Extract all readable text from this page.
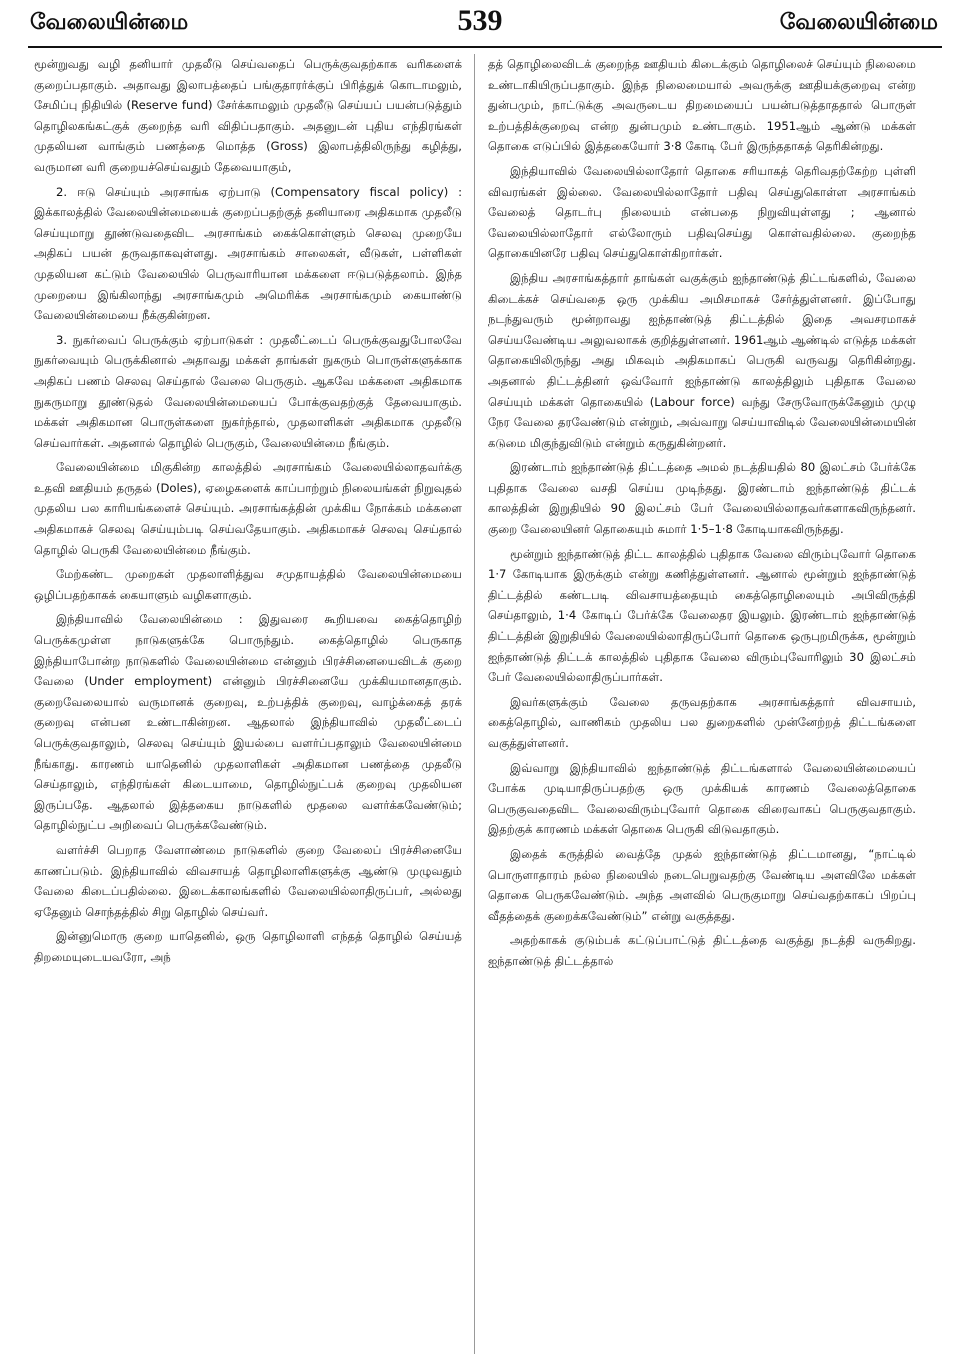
வேலையின்மை	539	வேலையின்மை

மூன்றுவது வழி தனியார் முதலீடு செய்வதைப் பெருக்குவதற்காக வரிகளைக் குறைப்பதாகும். அதாவது இலாபத்தைப் பங்குதாரர்க்குப் பிரித்துக் கொடாமலும், சேமிப்பு நிதியில் (Reserve fund) சேர்க்காமலும் முதலீடு செய்யப் பயன்படுத்தும் தொழிலகங்கட்குக் குறைந்த வரி விதிப்பதாகும். அதனுடன் புதிய எந்திரங்கள் முதலியன வாங்கும் பணத்தை மொத்த (Gross) இலாபத்திலிருந்து கழித்து, வருமான வரி குறையச்செய்வதும் தேவையாகும்,

2. ஈடு செய்யும் அரசாங்க ஏற்பாடு (Compensatory fiscal policy) : இக்காலத்தில் வேலையின்மையைக் குறைப்பதற்குத் தனியாரை அதிகமாக முதலீடு செய்யுமாறு தூண்டுவதைவிட அரசாங்கம் கைக்கொள்ளும் செலவு முறையே அதிகப் பயன் தருவதாகவுள்ளது. அரசாங்கம் சாலைகள், வீடுகள், பள்ளிகள் முதலியன கட்டும் வேலையில் பெருவாரியான மக்களை ஈடுபடுத்தலாம். இந்த முறையை இங்கிலாந்து அரசாங்கமும் அமெரிக்க அரசாங்கமும் கையாண்டு வேலையின்மையை நீக்குகின்றன.

3. நுகர்வைப் பெருக்கும் ஏற்பாடுகள் : முதலீட்டைப் பெருக்குவதுபோலவே நுகர்வையும் பெருக்கினால் அதாவது மக்கள் தாங்கள் நுகரும் பொருள்களுக்காக அதிகப் பணம் செலவு செய்தால் வேலை பெருகும். ஆகவே மக்களை அதிகமாக நுகருமாறு தூண்டுதல் வேலையின்மையைப் போக்குவதற்குத் தேவையாகும். மக்கள் அதிகமான பொருள்களை நுகர்ந்தால், முதலாளிகள் அதிகமாக முதலீடு செய்வார்கள். அதனால் தொழில் பெருகும், வேலையின்மை நீங்கும்.

வேலையின்மை மிகுகின்ற காலத்தில் அரசாங்கம் வேலையில்லாதவர்க்கு உதவி ஊதியம் தருதல் (Doles), ஏழைகளைக் காப்பாற்றும் நிலையங்கள் நிறுவுதல் முதலிய பல காரியங்களைச் செய்யும். அரசாங்கத்தின் முக்கிய நோக்கம் மக்களை அதிகமாகச் செலவு செய்யும்படி செய்வதேயாகும். அதிகமாகச் செலவு செய்தால் தொழில் பெருகி வேலையின்மை நீங்கும்.

மேற்கண்ட முறைகள் முதலாளித்துவ சமுதாயத்தில் வேலையின்மையை ஒழிப்பதற்காகக் கையாளும் வழிகளாகும்.

இந்தியாவில் வேலையின்மை : இதுவரை கூறியவை கைத்தொழிற் பெருக்கமுள்ள நாடுகளுக்கே பொருந்தும். கைத்தொழில் பெருகாத இந்தியாபோன்ற நாடுகளில் வேலையின்மை என்னும் பிரச்சினையைவிடக் குறை வேலை (Under employment) என்னும் பிரச்சினையே முக்கியமானதாகும். குறைவேலையால் வருமானக் குறைவு, உற்பத்திக் குறைவு, வாழ்க்கைத் தரக் குறைவு என்பன உண்டாகின்றன. ஆதலால் இந்தியாவில் முதலீட்டைப் பெருக்குவதாலும், செலவு செய்யும் இயல்பை வளர்ப்பதாலும் வேலையின்மை நீங்காது. காரணம் யாதெனில் முதலாளிகள் அதிகமான பணத்தை முதலீடு செய்தாலும், எந்திரங்கள் கிடையாமை, தொழில்நுட்பக் குறைவு முதலியன இருப்பதே. ஆதலால் இத்தகைய நாடுகளில் மூதலை வளர்க்கவேண்டும்; தொழில்நுட்ப அறிவைப் பெருக்கவேண்டும்.

வளர்ச்சி பெறாத வேளாண்மை நாடுகளில் குறை வேலைப் பிரச்சினையே காணப்படும். இந்தியாவில் விவசாயத் தொழிலாளிகளுக்கு ஆண்டு முழுவதும் வேலை கிடைப்பதில்லை. இடைக்காலங்களில் வேலையில்லாதிருப்பர், அல்லது ஏதேனும் சொந்தத்தில் சிறு தொழில் செய்வர்.

இன்னுமொரு குறை யாதெனில், ஒரு தொழிலாளி எந்தத் தொழில் செய்யத் திறமையுடையவரோ, அந்

தத் தொழிலைவிடக் குறைந்த ஊதியம் கிடைக்கும் தொழிலைச் செய்யும் நிலைமை உண்டாகியிருப்பதாகும். இந்த நிலைமையால் அவருக்கு ஊதியக்குறைவு என்ற துன்பமும், நாட்டுக்கு அவருடைய திறமையைப் பயன்படுத்தாததால் பொருள் உற்பத்திக்குறைவு என்ற துன்பமும் உண்டாகும். 1951ஆம் ஆண்டு மக்கள் தொகை எடுப்பில் இத்தகையோர் 3·8 கோடி பேர் இருந்ததாகத் தெரிகின்றது.

இந்தியாவில் வேலையில்லாதோர் தொகை சரியாகத் தெரிவதற்கேற்ற புள்ளி விவரங்கள் இல்லை. வேலையில்லாதோர் பதிவு செய்துகொள்ள அரசாங்கம் வேலைத் தொடர்பு நிலையம் என்பதை நிறுவியுள்ளது ; ஆனால் வேலையில்லாதோர் எல்லோரும் பதிவுசெய்து கொள்வதில்லை. குறைந்த தொகையினரே பதிவு செய்துகொள்கிறார்கள்.

இந்திய அரசாங்கத்தார் தாங்கள் வகுக்கும் ஐந்தாண்டுத் திட்டங்களில், வேலை கிடைக்கச் செய்வதை ஒரு முக்கிய அமிசமாகச் சேர்த்துள்ளனர். இப்போது நடந்துவரும் மூன்றாவது ஐந்தாண்டுத் திட்டத்தில் இதை அவசரமாகச் செய்யவேண்டிய அலுவலாகக் குறித்துள்ளனர். 1961ஆம் ஆண்டில் எடுத்த மக்கள் தொகையிலிருந்து அது மிகவும் அதிகமாகப் பெருகி வருவது தெரிகின்றது. அதனால் திட்டத்தினர் ஒவ்வோர் ஐந்தாண்டு காலத்திலும் புதிதாக வேலை செய்யும் மக்கள் தொகையில் (Labour force) வந்து சேருவோருக்கேனும் முழு நேர வேலை தரவேண்டும் என்றும், அவ்வாறு செய்யாவிடில் வேலையின்மையின் கடுமை மிகுந்துவிடும் என்றும் கருதுகின்றனர்.

இரண்டாம் ஐந்தாண்டுத் திட்டத்தை அமல் நடத்தியதில் 80 இலட்சம் பேர்க்கே புதிதாக வேலை வசதி செய்ய முடிந்தது. இரண்டாம் ஐந்தாண்டுத் திட்டக் காலத்தின் இறுதியில் 90 இலட்சம் பேர் வேலையில்லாதவர்களாகவிருந்தனர். குறை வேலையினர் தொகையும் சுமார் 1·5–1·8 கோடியாகவிருந்தது.

மூன்றும் ஐந்தாண்டுத் திட்ட காலத்தில் புதிதாக வேலை விரும்புவோர் தொகை 1·7 கோடியாக இருக்கும் என்று கணித்துள்ளனர். ஆனால் மூன்றும் ஐந்தாண்டுத் திட்டத்தில் கண்டபடி விவசாயத்தையும் கைத்தொழிலையும் அபிவிருத்தி செய்தாலும், 1·4 கோடிப் பேர்க்கே வேலைதர இயலும். இரண்டாம் ஐந்தாண்டுத் திட்டத்தின் இறுதியில் வேலையில்லாதிருப்போர் தொகை ஒருபுறமிருக்க, மூன்றும் ஐந்தாண்டுத் திட்டக் காலத்தில் புதிதாக வேலை விரும்புவோரிலும் 30 இலட்சம் பேர் வேலையில்லாதிருப்பார்கள்.

இவர்களுக்கும் வேலை தருவதற்காக அரசாங்கத்தார் விவசாயம், கைத்தொழில், வாணிகம் முதலிய பல துறைகளில் முன்னேற்றத் திட்டங்களை வகுத்துள்ளனர்.

இவ்வாறு இந்தியாவில் ஐந்தாண்டுத் திட்டங்களால் வேலையின்மையைப் போக்க முடியாதிருப்பதற்கு ஒரு முக்கியக் காரணம் வேலைத்தொகை பெருகுவதைவிட வேலைவிரும்புவோர் தொகை விரைவாகப் பெருகுவதாகும். இதற்குக் காரணம் மக்கள் தொகை பெருகி விடுவதாகும்.

இதைக் கருத்தில் வைத்தே முதல் ஐந்தாண்டுத் திட்டமானது, “நாட்டில் பொருளாதாரம் நல்ல நிலையில் நடைபெறுவதற்கு வேண்டிய அளவிலே மக்கள் தொகை பெருகவேண்டும். அந்த அளவில் பெருகுமாறு செய்வதற்காகப் பிறப்பு வீதத்தைக் குறைக்கவேண்டும்” என்று வகுத்தது.

அதற்காகக் குடும்பக் கட்டுப்பாட்டுத் திட்டத்தை வகுத்து நடத்தி வருகிறது. ஐந்தாண்டுத் திட்டத்தால்
